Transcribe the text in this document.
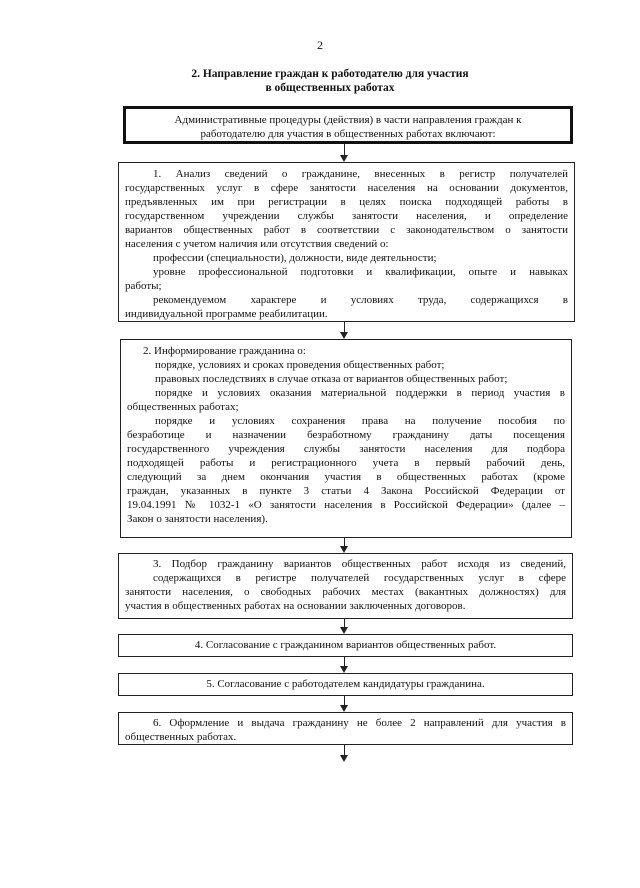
2
2. Направление граждан к работодателю для участия
в общественных работах
Административные процедуры (действия) в части направления граждан к
работодателю для участия в общественных работах включают:
1. Анализ сведений о гражданине, внесенных в регистр получателей
государственных услуг в сфере занятости населения на основании документов,
предъявленных им при регистрации в целях поиска подходящей работы в
государственном учреждении службы занятости населения, и определение
вариантов общественных работ в соответствии с законодательством о занятости
населения с учетом наличия или отсутствия сведений о:
профессии (специальности), должности, виде деятельности;
уровне профессиональной подготовки и квалификации, опыте и навыках
работы;
рекомендуемом характере и условиях труда, содержащихся в
индивидуальной программе реабилитации.
2. Информирование гражданина о:
порядке, условиях и сроках проведения общественных работ;
правовых последствиях в случае отказа от вариантов общественных работ;
порядке и условиях оказания материальной поддержки в период участия в
общественных работах;
порядке и условиях сохранения права на получение пособия по
безработице и назначении безработному гражданину даты посещения
государственного учреждения службы занятости населения для подбора
подходящей работы и регистрационного учета в первый рабочий день,
следующий за днем окончания участия в общественных работах (кроме
граждан, указанных в пункте 3 статьи 4 Закона Российской Федерации от
19.04.1991 № 1032-1 «О занятости населения в Российской Федерации» (далее –
Закон о занятости населения).
3. Подбор гражданину вариантов общественных работ исходя из сведений,
содержащихся в регистре получателей государственных услуг в сфере
занятости населения, о свободных рабочих местах (вакантных должностях) для
участия в общественных работах на основании заключенных договоров.
4. Согласование с гражданином вариантов общественных работ.
5. Согласование с работодателем кандидатуры гражданина.
6. Оформление и выдача гражданину не более 2 направлений для участия в
общественных работах.
